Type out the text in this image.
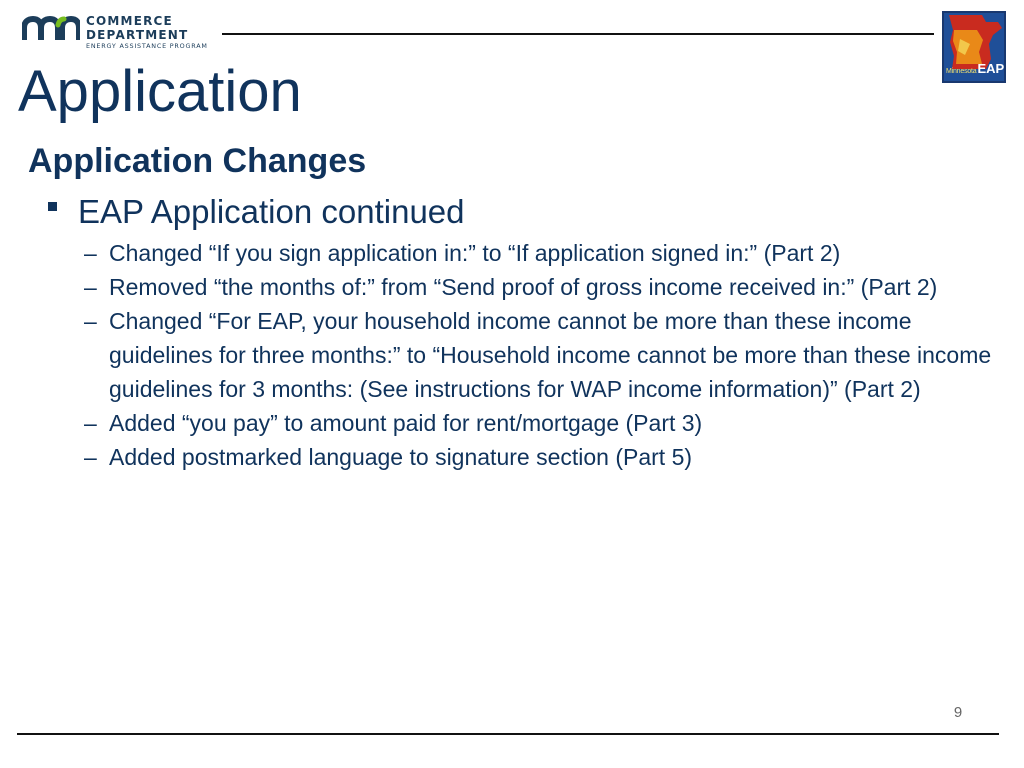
COMMERCE
DEPARTMENT
ENERGY ASSISTANCE PROGRAM
MinnesotaEAP
Application
Application Changes
EAP Application continued
– Changed “If you sign application in:” to “If application signed in:” (Part 2)
– Removed “the months of:” from “Send proof of gross income received in:” (Part 2)
– Changed “For EAP, your household income cannot be more than these income guidelines for three months:” to “Household income cannot be more than these income guidelines for 3 months: (See instructions for WAP income information)” (Part 2)
– Added “you pay” to amount paid for rent/mortgage (Part 3)
– Added postmarked language to signature section (Part 5)
9
